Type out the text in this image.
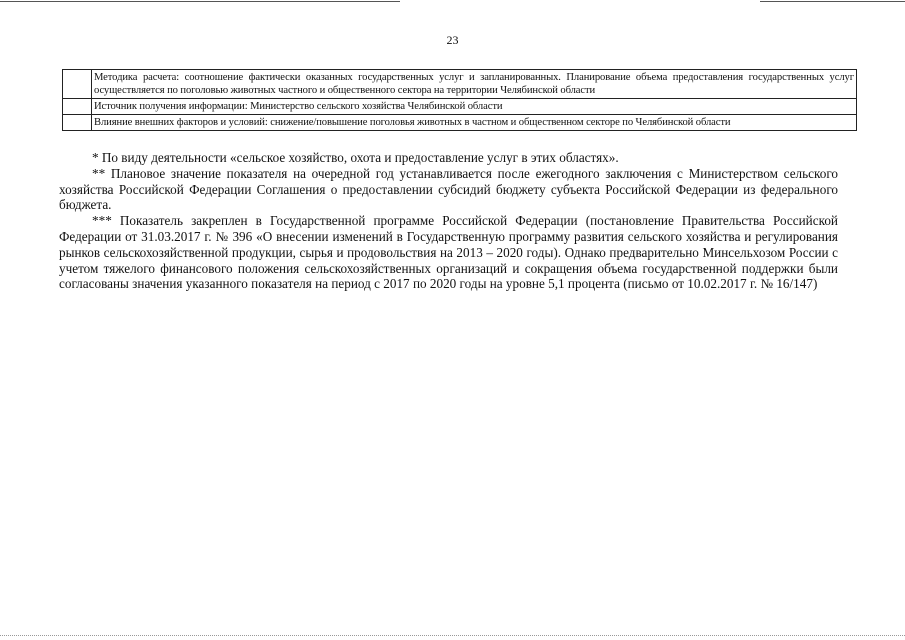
23
	Методика расчета: соотношение фактически оказанных государственных услуг и запланированных. Планирование объема предоставления государственных услуг осуществляется по поголовью животных частного и общественного сектора на территории Челябинской области
	Источник получения информации: Министерство сельского хозяйства Челябинской области
	Влияние внешних факторов и условий: снижение/повышение поголовья животных в частном и общественном секторе по Челябинской области

* По виду деятельности «сельское хозяйство, охота и предоставление услуг в этих областях».

** Плановое значение показателя на очередной год устанавливается после ежегодного заключения с Министерством сельского хозяйства Российской Федерации Соглашения о предоставлении субсидий бюджету субъекта Российской Федерации из федерального бюджета.

*** Показатель закреплен в Государственной программе Российской Федерации (постановление Правительства Российской Федерации от 31.03.2017 г. № 396 «О внесении изменений в Государственную программу развития сельского хозяйства и регулирования рынков сельскохозяйственной продукции, сырья и продовольствия на 2013 – 2020 годы). Однако предварительно Минсельхозом России с учетом тяжелого финансового положения сельскохозяйственных организаций и сокращения объема государственной поддержки были согласованы значения указанного показателя на период с 2017 по 2020 годы на уровне 5,1 процента (письмо от 10.02.2017 г. № 16/147)
